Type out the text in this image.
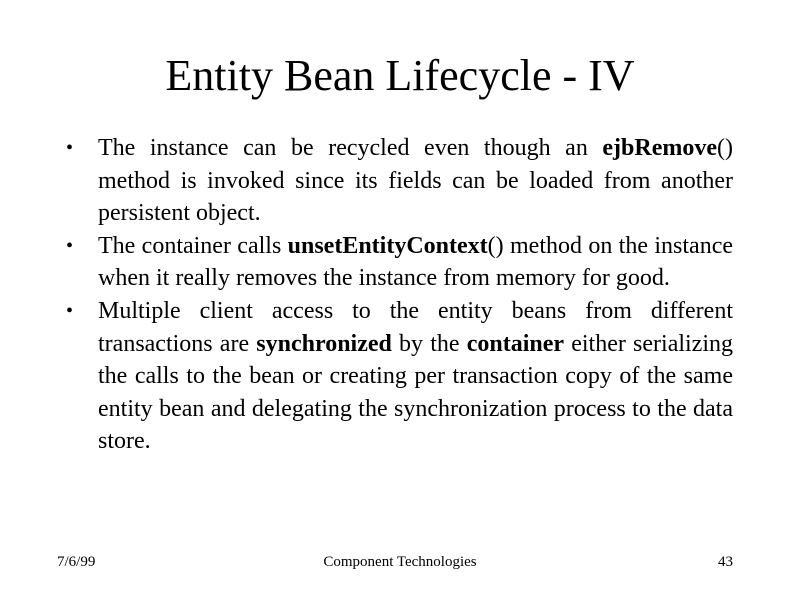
Entity Bean Lifecycle - IV
•	The instance can be recycled even though an ejbRemove() method is invoked since its fields can be loaded from another persistent object.
•	The container calls unsetEntityContext() method on the instance when it really removes the instance from memory for good.
•	Multiple client access to the entity beans from different transactions are synchronized by the container either serializing the calls to the bean or creating per transaction copy of the same entity bean and delegating the synchronization process to the data store.
7/6/99	Component Technologies	43
